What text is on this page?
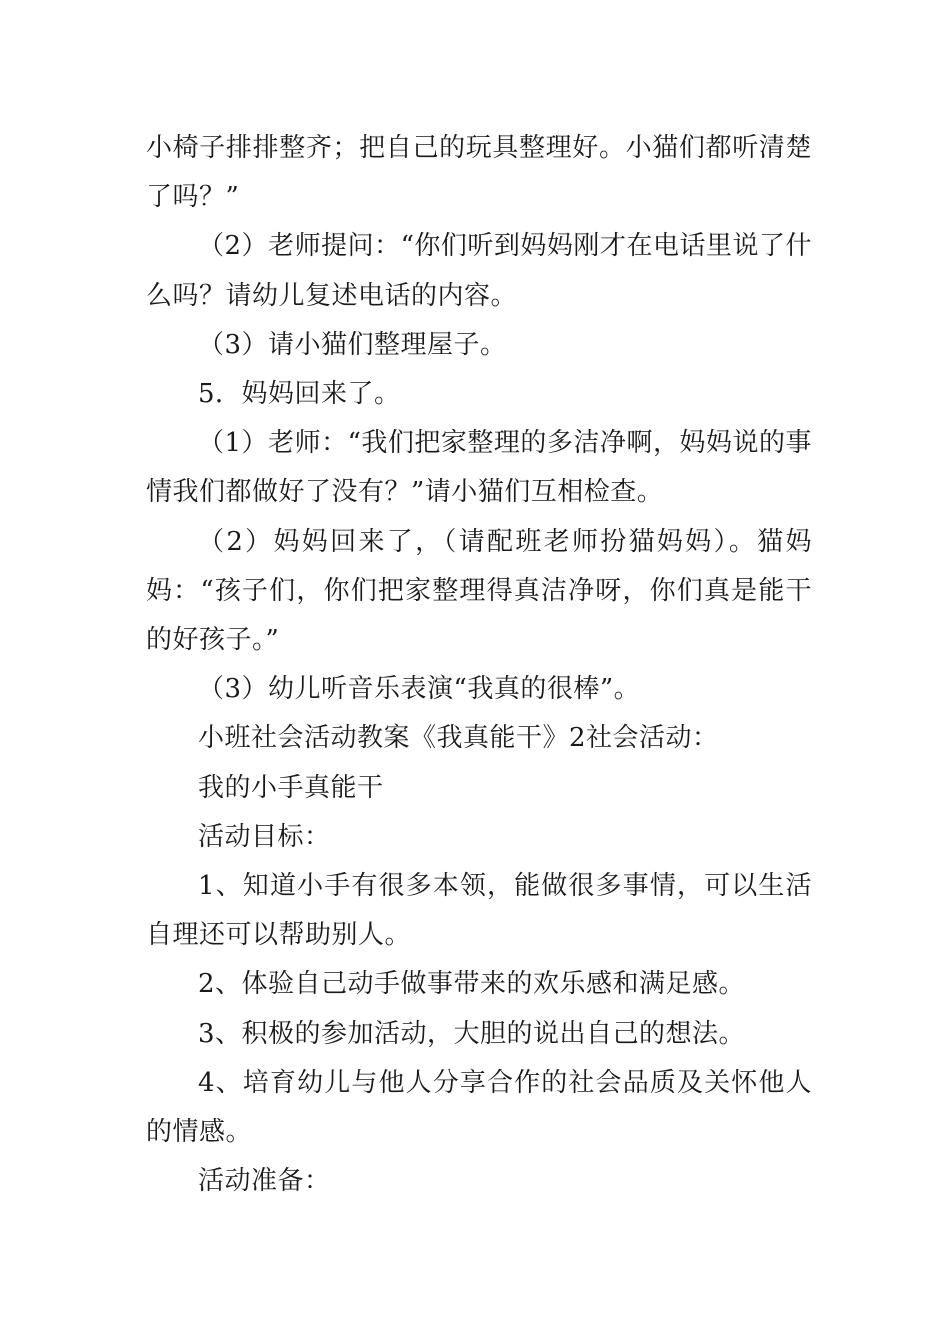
小椅子排排整齐；把自己的玩具整理好。小猫们都听清楚了吗？”

（2）老师提问：“你们听到妈妈刚才在电话里说了什么吗？请幼儿复述电话的内容。

（3）请小猫们整理屋子。

5．妈妈回来了。

（1）老师：“我们把家整理的多洁净啊，妈妈说的事情我们都做好了没有？”请小猫们互相检查。

（2）妈妈回来了，（请配班老师扮猫妈妈）。猫妈妈：“孩子们，你们把家整理得真洁净呀，你们真是能干的好孩子。”

（3）幼儿听音乐表演“我真的很棒”。

小班社会活动教案《我真能干》2社会活动：

我的小手真能干

活动目标：

1、知道小手有很多本领，能做很多事情，可以生活自理还可以帮助别人。

2、体验自己动手做事带来的欢乐感和满足感。

3、积极的参加活动，大胆的说出自己的想法。

4、培育幼儿与他人分享合作的社会品质及关怀他人的情感。

活动准备：
